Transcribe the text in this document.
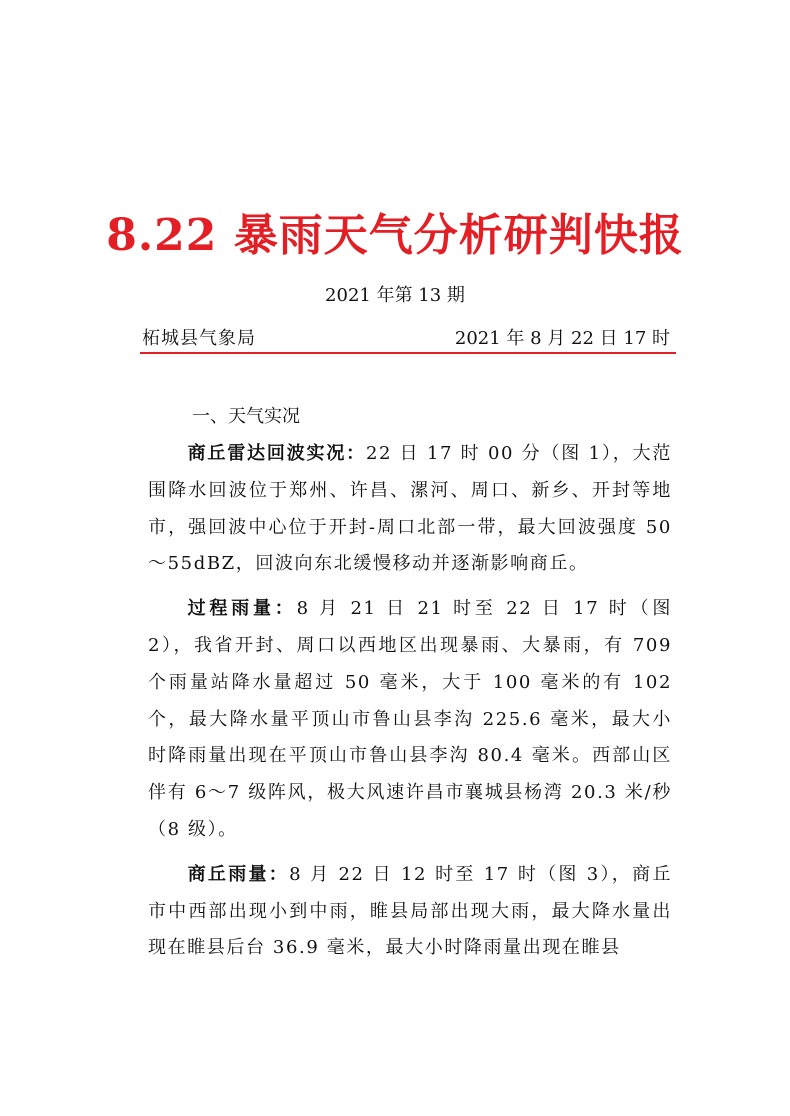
8.22 暴雨天气分析研判快报
2021 年第 13 期
柘城县气象局	2021 年 8 月 22 日 17 时
一、天气实况

商丘雷达回波实况：22 日 17 时 00 分（图 1），大范围降水回波位于郑州、许昌、漯河、周口、新乡、开封等地市，强回波中心位于开封-周口北部一带，最大回波强度 50～55dBZ，回波向东北缓慢移动并逐渐影响商丘。

过程雨量：8 月 21 日 21 时至 22 日 17 时（图 2），我省开封、周口以西地区出现暴雨、大暴雨，有 709 个雨量站降水量超过 50 毫米，大于 100 毫米的有 102 个，最大降水量平顶山市鲁山县李沟 225.6 毫米，最大小时降雨量出现在平顶山市鲁山县李沟 80.4 毫米。西部山区伴有 6～7 级阵风，极大风速许昌市襄城县杨湾 20.3 米/秒（8 级）。

商丘雨量：8 月 22 日 12 时至 17 时（图 3），商丘市中西部出现小到中雨，睢县局部出现大雨，最大降水量出现在睢县后台 36.9 毫米，最大小时降雨量出现在睢县
